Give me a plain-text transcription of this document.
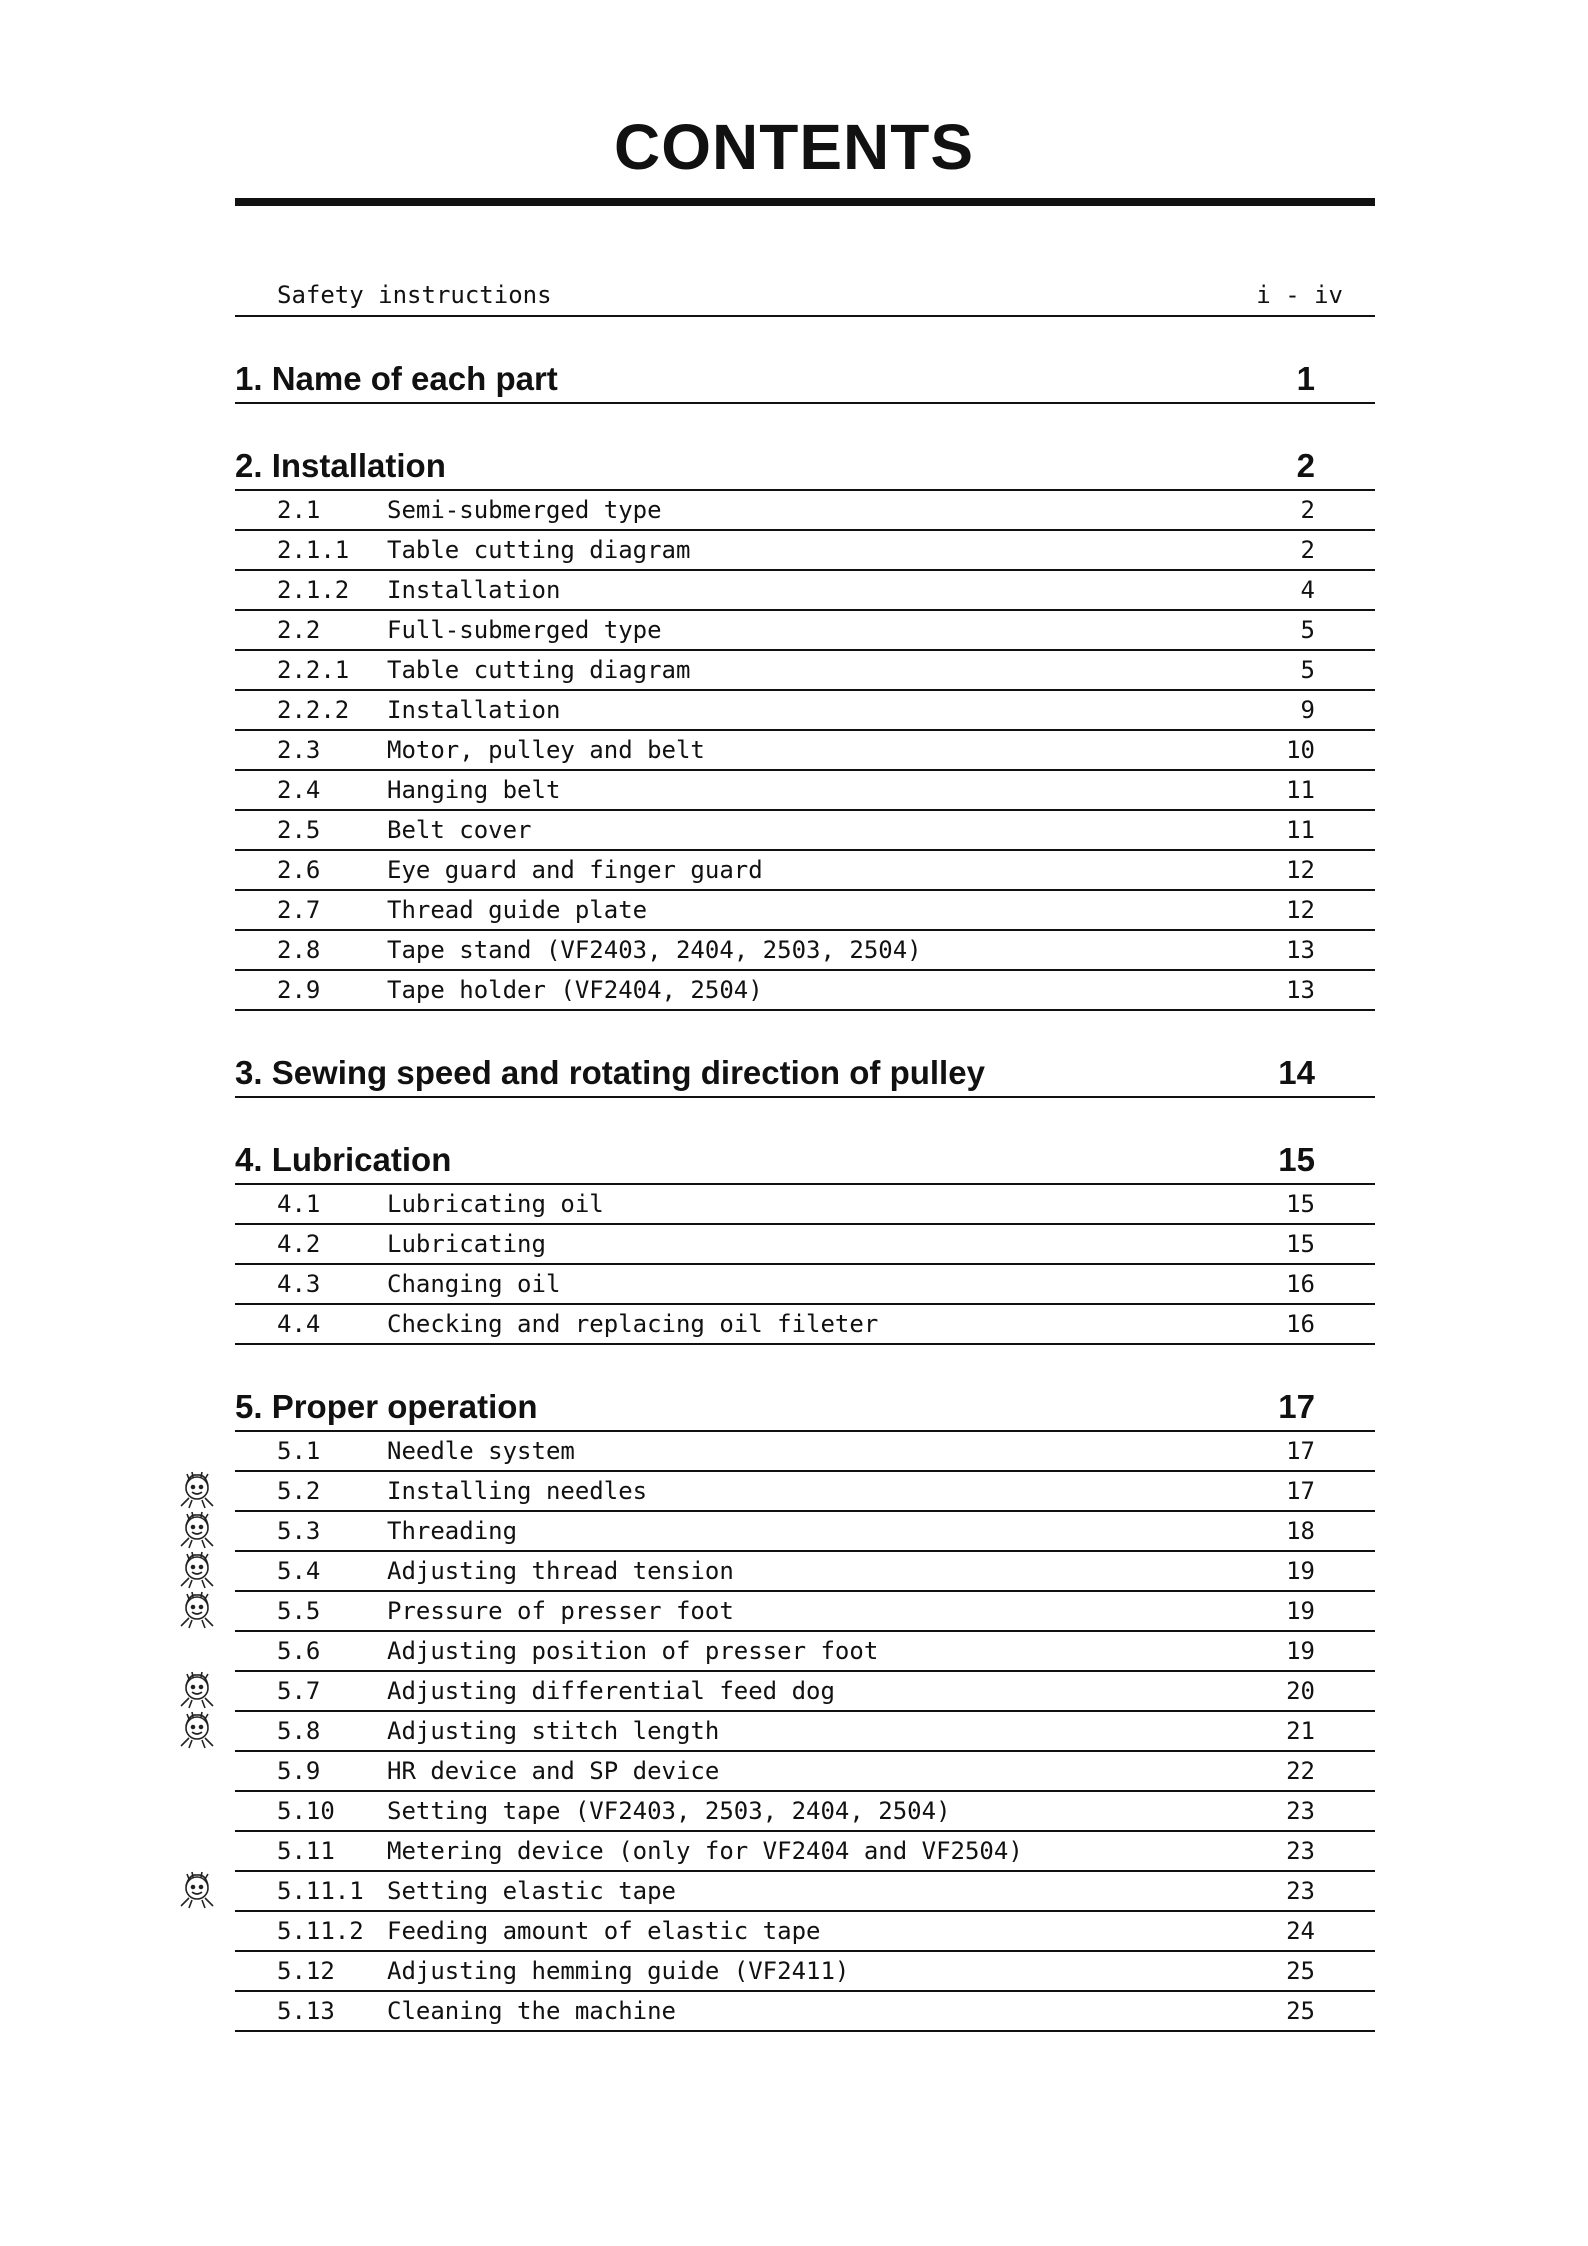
CONTENTS
Safety instructions	i - iv
1. Name of each part	1
2. Installation	2
2.1	Semi-submerged type	2
2.1.1 Table cutting diagram	2
2.1.2 Installation	4
2.2	Full-submerged type	5
2.2.1 Table cutting diagram	5
2.2.2 Installation	9
2.3	Motor, pulley and belt	10
2.4	Hanging belt	11
2.5	Belt cover	11
2.6	Eye guard and finger guard	12
2.7	Thread guide plate	12
2.8	Tape stand (VF2403, 2404, 2503, 2504)	13
2.9	Tape holder (VF2404, 2504)	13
3. Sewing speed and rotating direction of pulley	14
4. Lubrication	15
4.1	Lubricating oil	15
4.2	Lubricating	15
4.3	Changing oil	16
4.4	Checking and replacing oil fileter	16
5. Proper operation	17
5.1	Needle system	17
5.2	Installing needles	17
5.3	Threading	18
5.4	Adjusting thread tension	19
5.5	Pressure of presser foot	19
5.6	Adjusting position of presser foot	19
5.7	Adjusting differential feed dog	20
5.8	Adjusting stitch length	21
5.9	HR device and SP device	22
5.10 Setting tape (VF2403, 2503, 2404, 2504)	23
5.11 Metering device (only for VF2404 and VF2504)	23
5.11.1 Setting elastic tape	23
5.11.2 Feeding amount of elastic tape	24
5.12 Adjusting hemming guide (VF2411)	25
5.13 Cleaning the machine	25
